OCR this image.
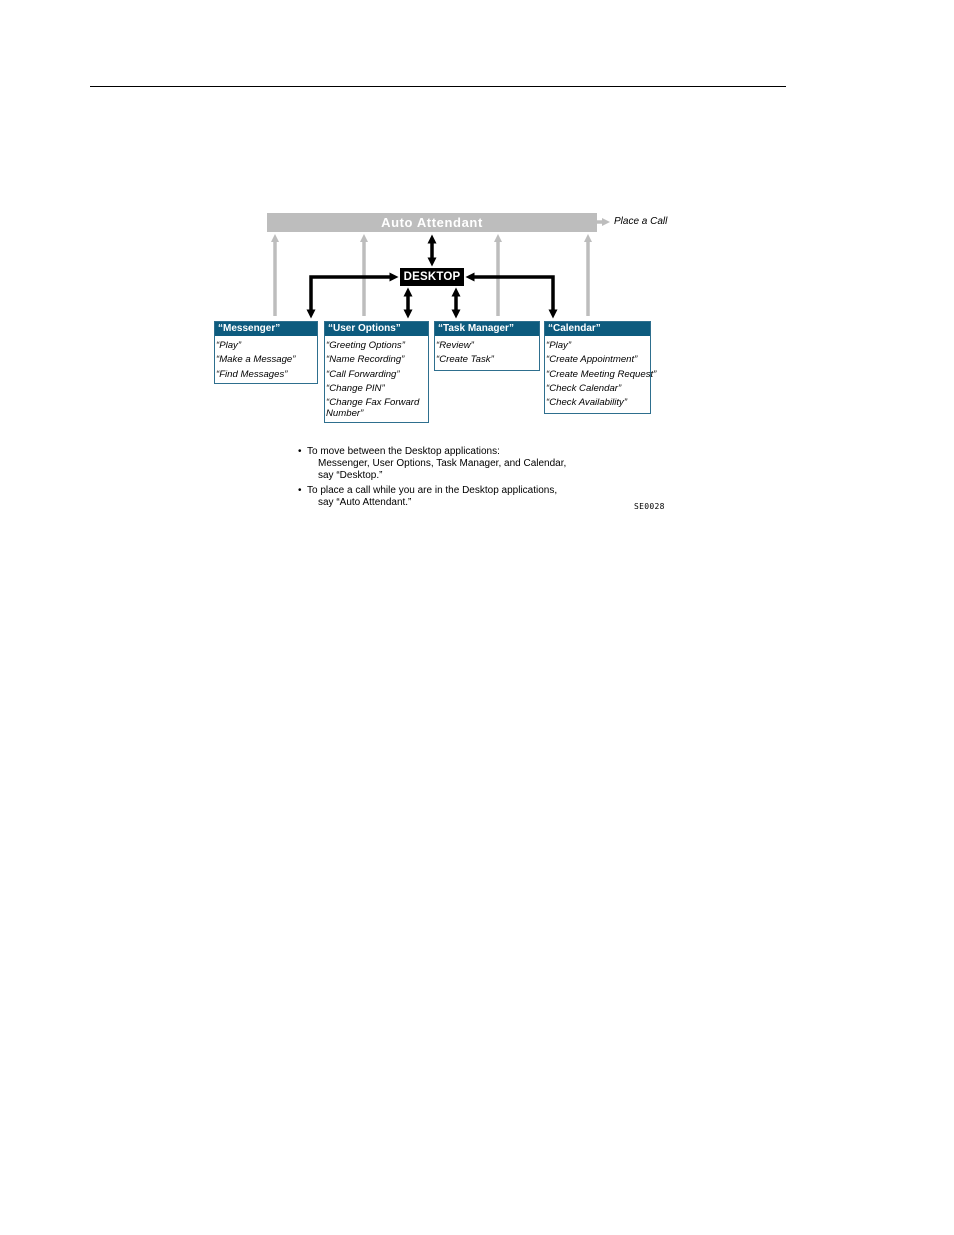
Auto Attendant	Place a Call
DESKTOP
“Messenger”
“Play”
“Make a Message”
“Find Messages”
“User Options”
“Greeting Options”
“Name Recording”
“Call Forwarding”
“Change PIN”
“Change Fax Forward Number”
“Task Manager”
“Review”
“Create Task”
“Calendar”
“Play”
“Create Appointment”
“Create Meeting Request”
“Check Calendar”
“Check Availability”
• To move between the Desktop applications:
Messenger, User Options, Task Manager, and Calendar,
say “Desktop.”
• To place a call while you are in the Desktop applications,
say “Auto Attendant.”	SE0028
